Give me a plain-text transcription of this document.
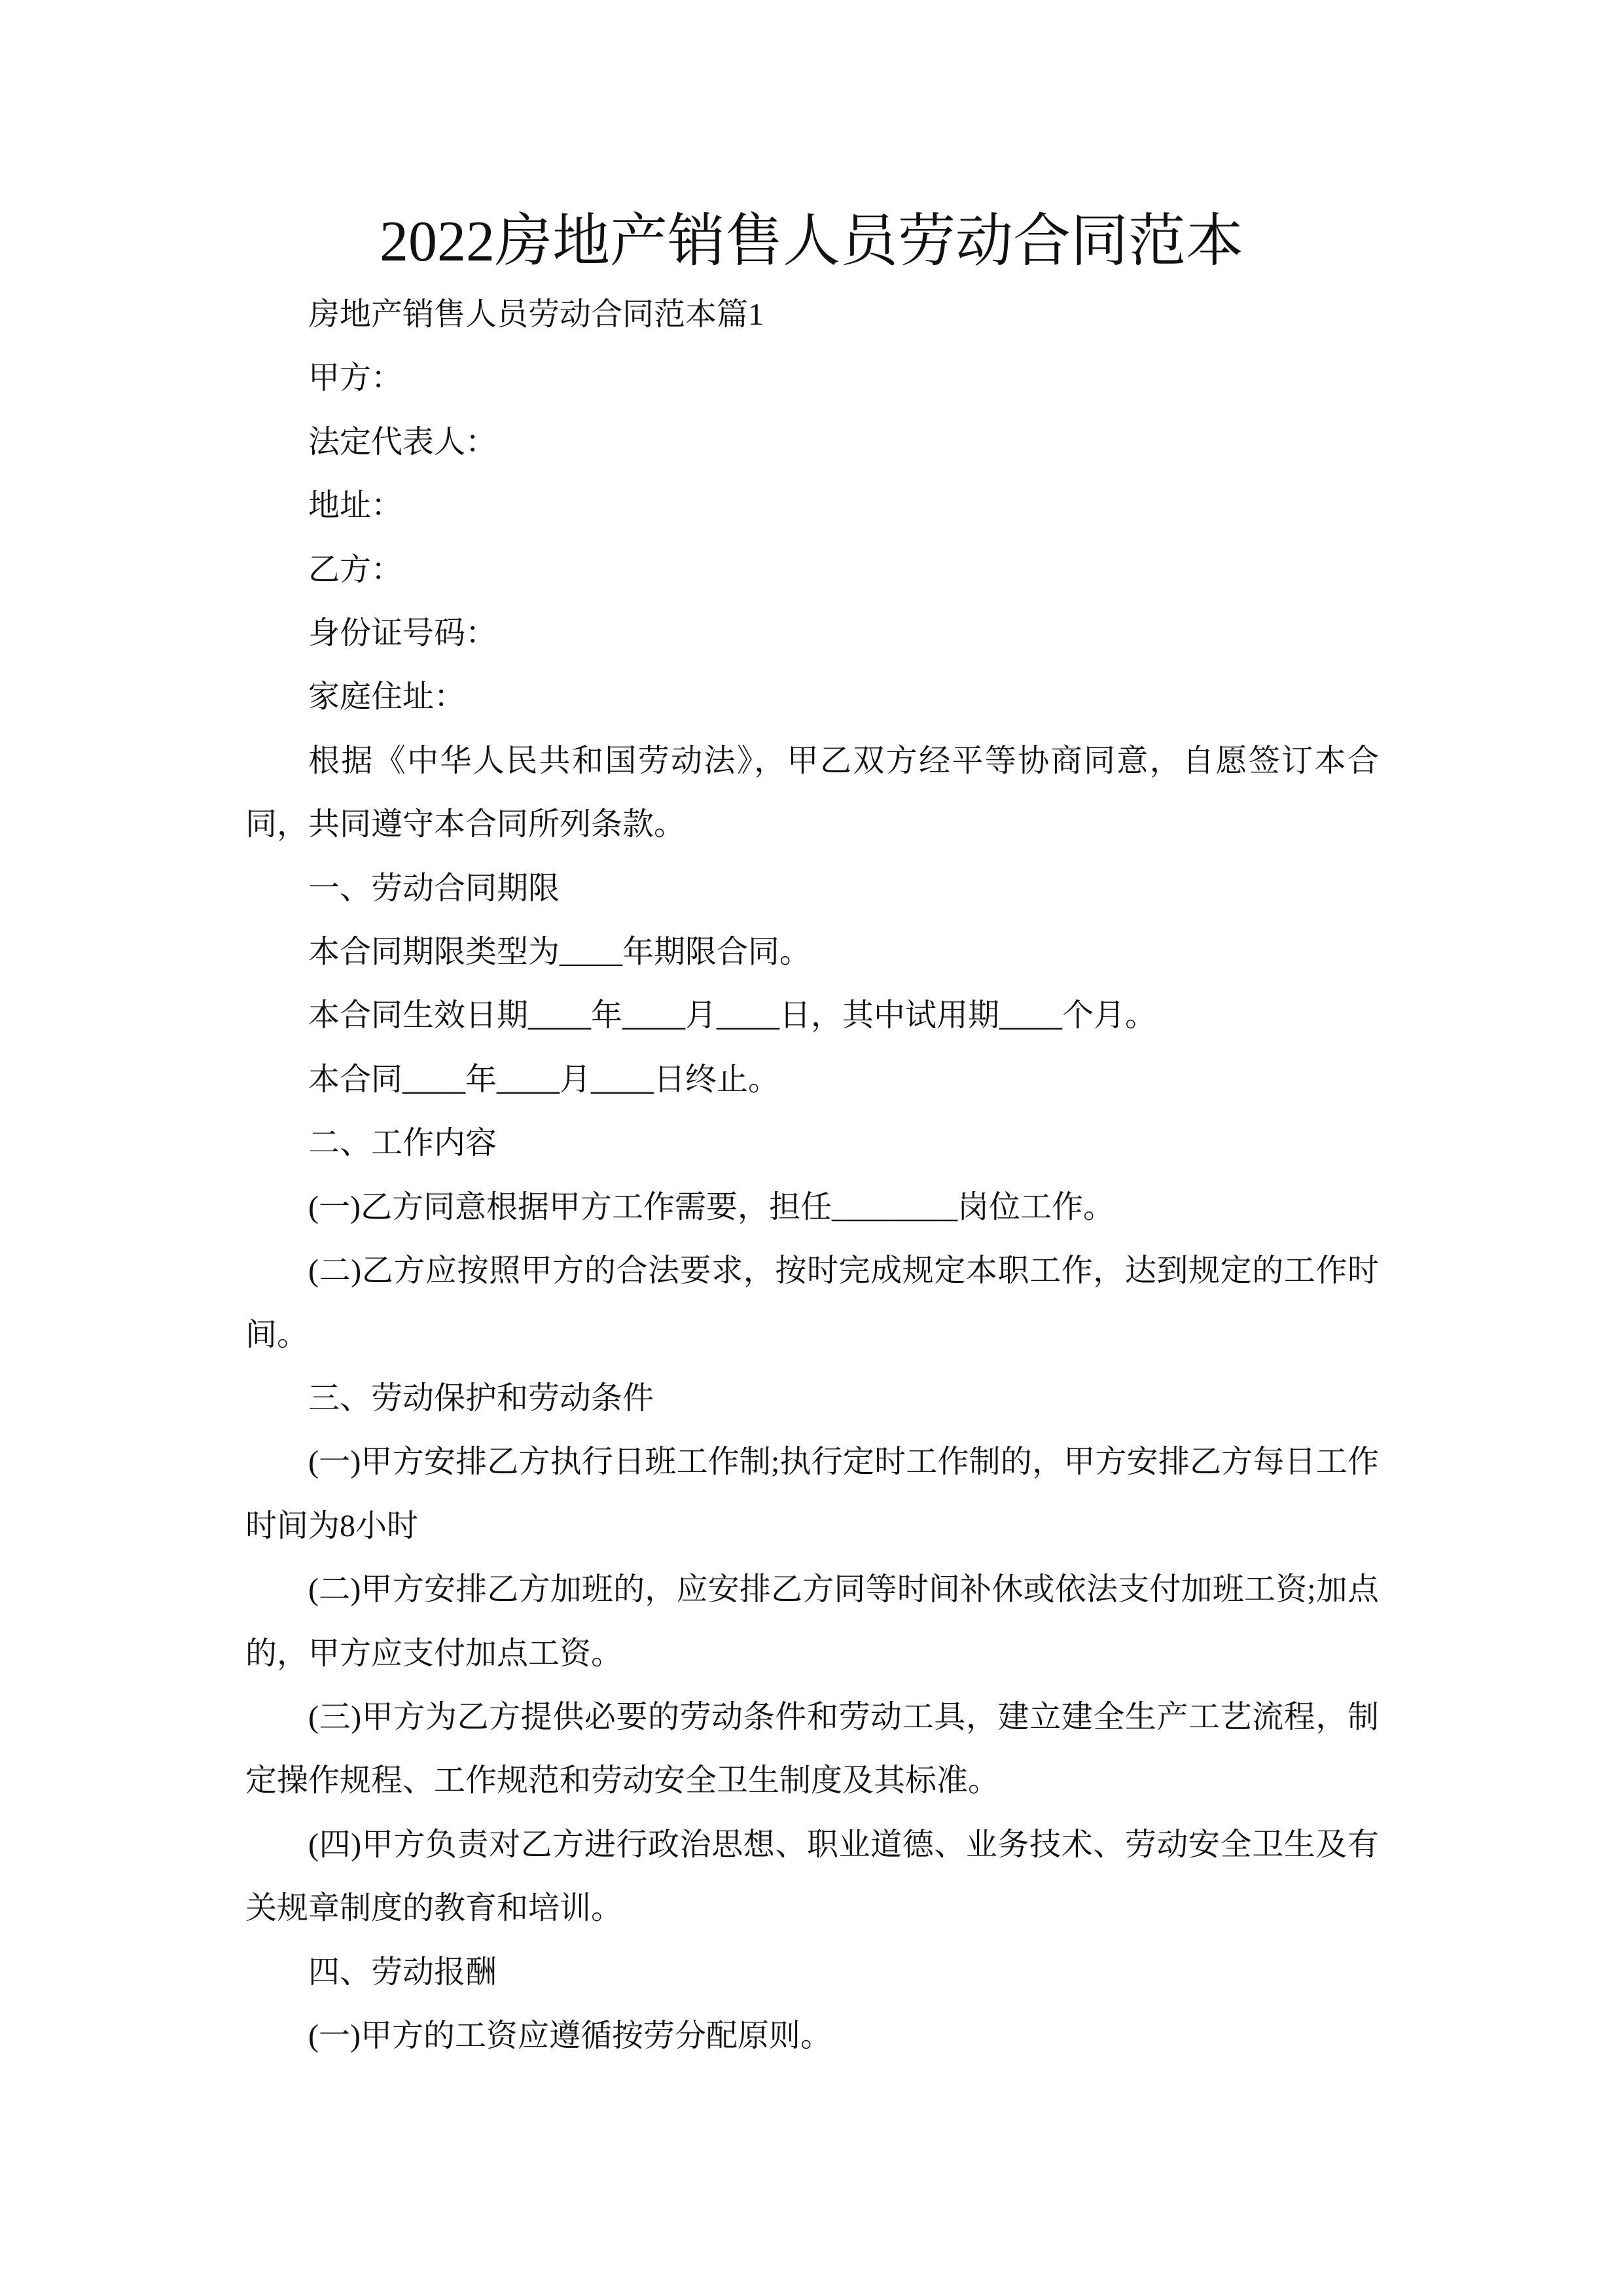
2022房地产销售人员劳动合同范本

房地产销售人员劳动合同范本篇1

甲方：

法定代表人：

地址：

乙方：

身份证号码：

家庭住址：

根据《中华人民共和国劳动法》，甲乙双方经平等协商同意，自愿签订本合同，共同遵守本合同所列条款。

一、劳动合同期限

本合同期限类型为____年期限合同。

本合同生效日期____年____月____日，其中试用期____个月。

本合同____年____月____日终止。

二、工作内容

(一)乙方同意根据甲方工作需要，担任________岗位工作。

(二)乙方应按照甲方的合法要求，按时完成规定本职工作，达到规定的工作时间。

三、劳动保护和劳动条件

(一)甲方安排乙方执行日班工作制;执行定时工作制的，甲方安排乙方每日工作时间为8小时

(二)甲方安排乙方加班的，应安排乙方同等时间补休或依法支付加班工资;加点的，甲方应支付加点工资。

(三)甲方为乙方提供必要的劳动条件和劳动工具，建立建全生产工艺流程，制定操作规程、工作规范和劳动安全卫生制度及其标准。

(四)甲方负责对乙方进行政治思想、职业道德、业务技术、劳动安全卫生及有关规章制度的教育和培训。

四、劳动报酬

(一)甲方的工资应遵循按劳分配原则。
